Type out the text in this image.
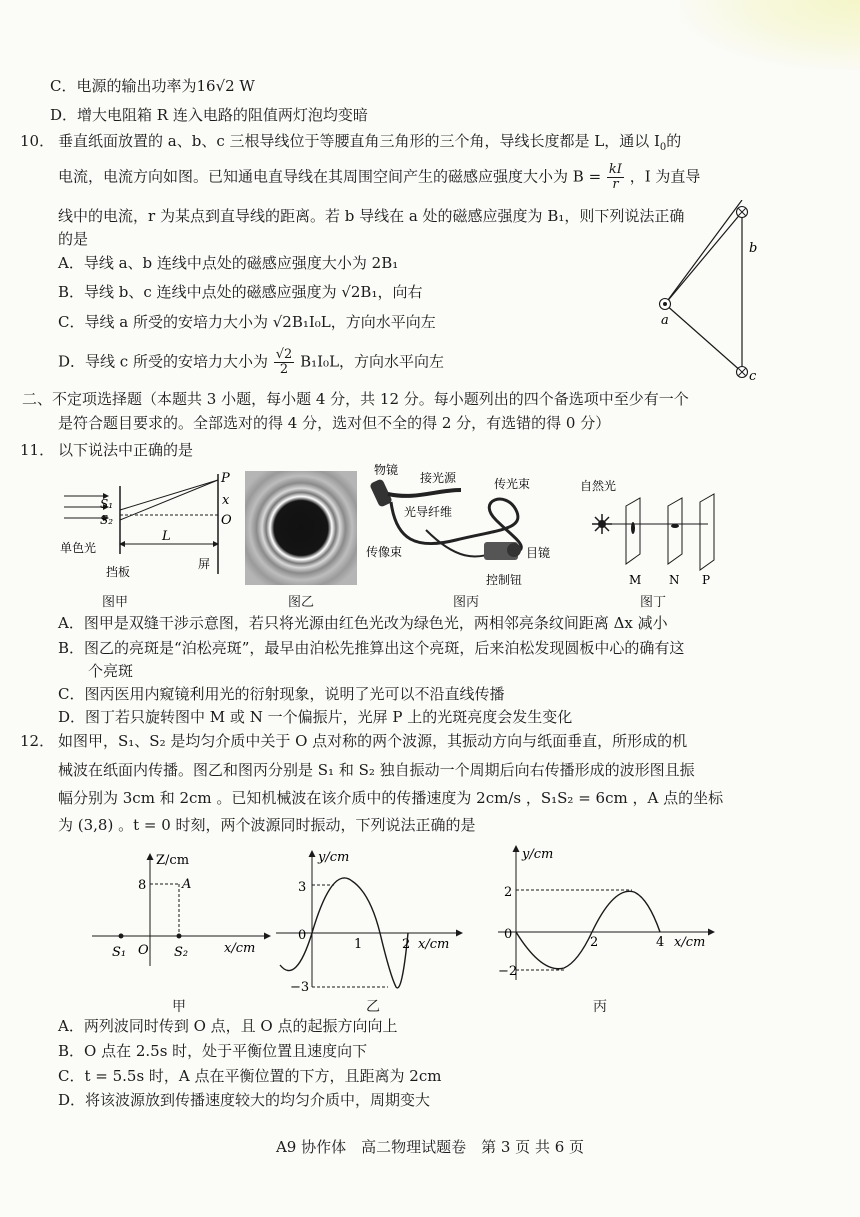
C．电源的输出功率为16√2 W
D．增大电阻箱 R 连入电路的阻值两灯泡均变暗
10． 垂直纸面放置的 a、b、c 三根导线位于等腰直角三角形的三个角，导线长度都是 L，通以 $I_0$的
电流，电流方向如图。已知通电直导线在其周围空间产生的磁感应强度大小为 $B = \frac{kI}{r}$ ，I 为直导
线中的电流，r 为某点到直导线的距离。若 b 导线在 a 处的磁感应强度为 B₁，则下列说法正确
的是
A．导线 a、b 连线中点处的磁感应强度大小为 2B₁
B．导线 b、c 连线中点处的磁感应强度为 √2B₁，向右
C．导线 a 所受的安培力大小为 √2B₁I₀L，方向水平向左
D．导线 c 所受的安培力大小为 $\frac{√2}{2} B_1I_0L$，方向水平向左
b
a
c
二、不定项选择题（本题共 3 小题，每小题 4 分，共 12 分。每小题列出的四个备选项中至少有一个
是符合题目要求的。全部选对的得 4 分，选对但不全的得 2 分，有选错的得 0 分）
11． 以下说法中正确的是
P
x
O
S₁
S₂
L
单色光
挡板
屏
图甲	图乙
物镜
接光源	传光束
光导纤维
传像束	目镜
控制钮
图丙
自然光
M N P
图丁
A．图甲是双缝干涉示意图，若只将光源由红色光改为绿色光，两相邻亮条纹间距离 Δx 减小
B．图乙的亮斑是“泊松亮斑”，最早由泊松先推算出这个亮斑，后来泊松发现圆板中心的确有这
个亮斑
C．图丙医用内窥镜利用光的衍射现象，说明了光可以不沿直线传播
D．图丁若只旋转图中 M 或 N 一个偏振片，光屏 P 上的光斑亮度会发生变化
12． 如图甲，S₁、S₂ 是均匀介质中关于 O 点对称的两个波源，其振动方向与纸面垂直，所形成的机
械波在纸面内传播。图乙和图丙分别是 S₁ 和 S₂ 独自振动一个周期后向右传播形成的波形图且振
幅分别为 3cm 和 2cm 。已知机械波在该介质中的传播速度为 2cm/s ，S₁S₂ = 6cm ，A 点的坐标
为 (3,8) 。t = 0 时刻，两个波源同时振动，下列说法正确的是
Z/cm
8	A
S₁ O S₂	x/cm
甲
y/cm
3
0
−3
1	2 x/cm
乙
y/cm
2
0
−2
2	4 x/cm
丙
A．两列波同时传到 O 点，且 O 点的起振方向向上
B．O 点在 2.5s 时，处于平衡位置且速度向下
C．t = 5.5s 时，A 点在平衡位置的下方，且距离为 2cm
D．将该波源放到传播速度较大的均匀介质中，周期变大
A9 协作体　高二物理试题卷　第 3 页 共 6 页
